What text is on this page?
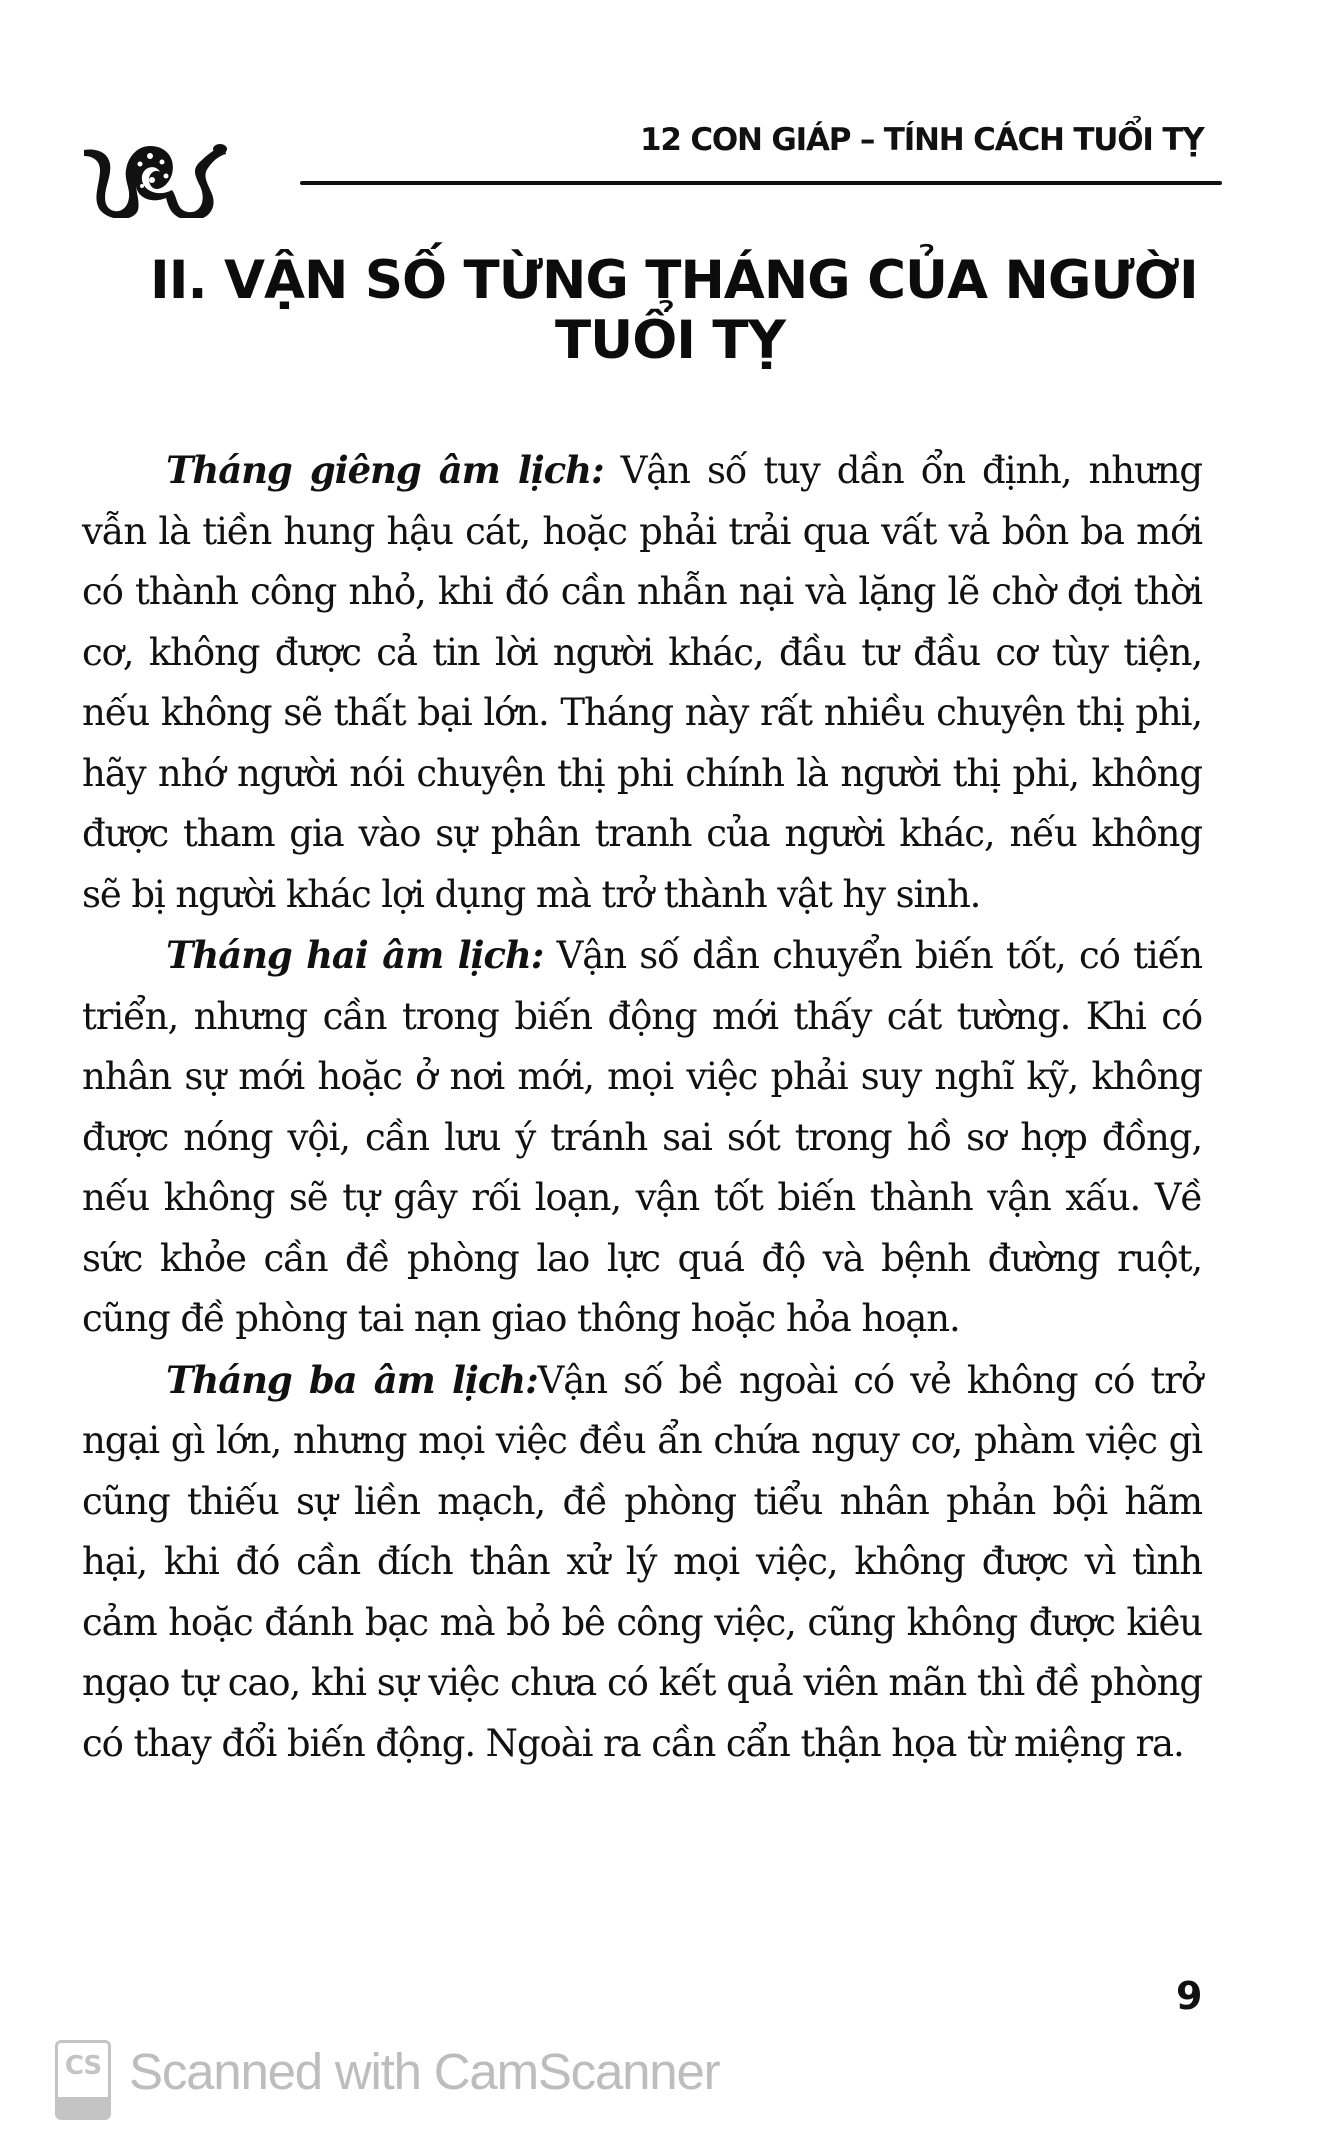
12 CON GIÁP – TÍNH CÁCH TUỔI TỴ
II. VẬN SỐ TỪNG THÁNG CỦA NGƯỜI
TUỔI TỴ

Tháng giêng âm lịch: Vận số tuy dần ổn định, nhưng vẫn là tiền hung hậu cát, hoặc phải trải qua vất vả bôn ba mới có thành công nhỏ, khi đó cần nhẫn nại và lặng lẽ chờ đợi thời cơ, không được cả tin lời người khác, đầu tư đầu cơ tùy tiện, nếu không sẽ thất bại lớn. Tháng này rất nhiều chuyện thị phi, hãy nhớ người nói chuyện thị phi chính là người thị phi, không được tham gia vào sự phân tranh của người khác, nếu không sẽ bị người khác lợi dụng mà trở thành vật hy sinh.

Tháng hai âm lịch: Vận số dần chuyển biến tốt, có tiến triển, nhưng cần trong biến động mới thấy cát tường. Khi có nhân sự mới hoặc ở nơi mới, mọi việc phải suy nghĩ kỹ, không được nóng vội, cần lưu ý tránh sai sót trong hồ sơ hợp đồng, nếu không sẽ tự gây rối loạn, vận tốt biến thành vận xấu. Về sức khỏe cần đề phòng lao lực quá độ và bệnh đường ruột, cũng đề phòng tai nạn giao thông hoặc hỏa hoạn.

Tháng ba âm lịch:Vận số bề ngoài có vẻ không có trở ngại gì lớn, nhưng mọi việc đều ẩn chứa nguy cơ, phàm việc gì cũng thiếu sự liền mạch, đề phòng tiểu nhân phản bội hãm hại, khi đó cần đích thân xử lý mọi việc, không được vì tình cảm hoặc đánh bạc mà bỏ bê công việc, cũng không được kiêu ngạo tự cao, khi sự việc chưa có kết quả viên mãn thì đề phòng có thay đổi biến động. Ngoài ra cần cẩn thận họa từ miệng ra.

9
CS Scanned with CamScanner
